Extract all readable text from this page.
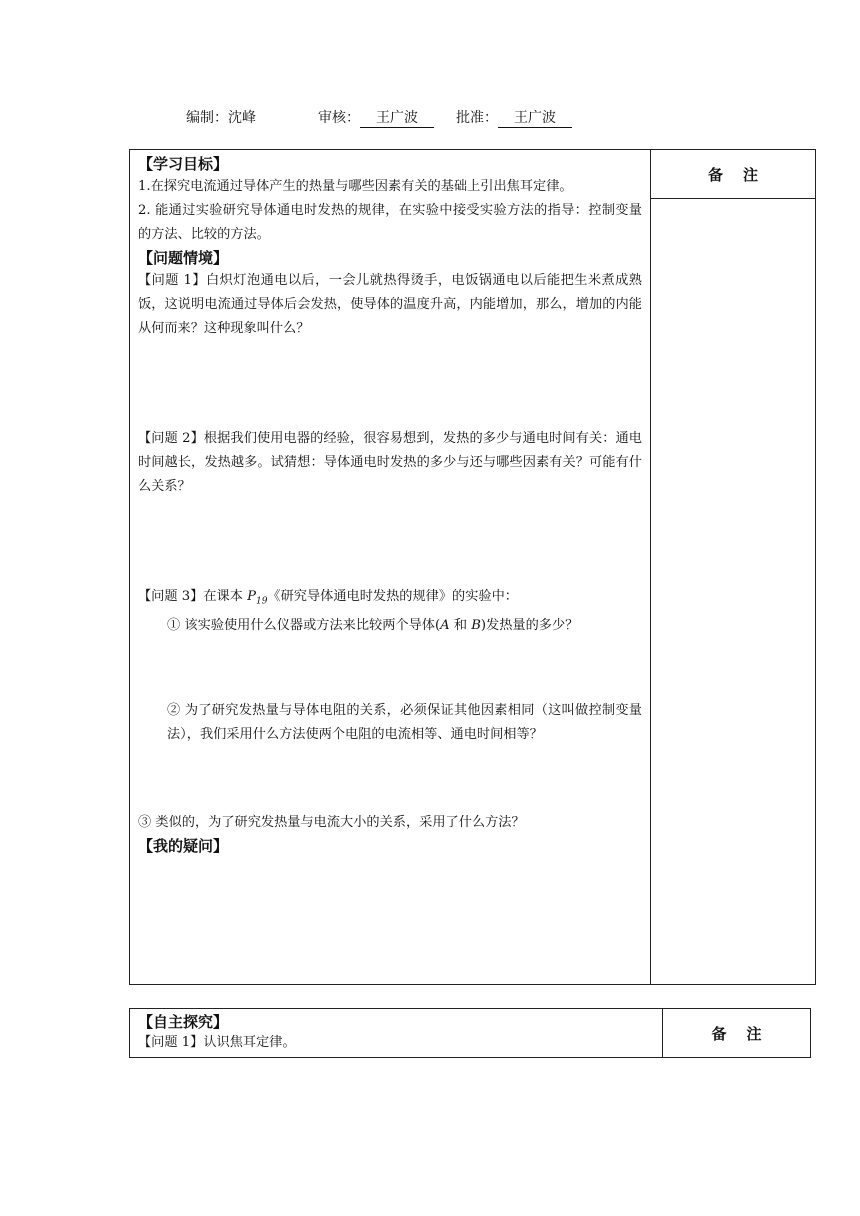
编制：沈峰	审核： 王广波	批准： 王广波
【学习目标】

1.在探究电流通过导体产生的热量与哪些因素有关的基础上引出焦耳定律。

2. 能通过实验研究导体通电时发热的规律，在实验中接受实验方法的指导：控制变量的方法、比较的方法。

【问题情境】

【问题 1】白炽灯泡通电以后，一会儿就热得烫手，电饭锅通电以后能把生米煮成熟饭，这说明电流通过导体后会发热，使导体的温度升高，内能增加，那么，增加的内能从何而来？这种现象叫什么？

【问题 2】根据我们使用电器的经验，很容易想到，发热的多少与通电时间有关：通电时间越长，发热越多。试猜想：导体通电时发热的多少与还与哪些因素有关？可能有什么关系？

【问题 3】在课本 $P_{19}$《研究导体通电时发热的规律》的实验中：

① 该实验使用什么仪器或方法来比较两个导体(A 和 B)发热量的多少？

② 为了研究发热量与导体电阻的关系，必须保证其他因素相同（这叫做控制变量法），我们采用什么方法使两个电阻的电流相等、通电时间相等？

③ 类似的，为了研究发热量与电流大小的关系，采用了什么方法？

【我的疑问】
备注
【自主探究】

【问题 1】认识焦耳定律。	备注
